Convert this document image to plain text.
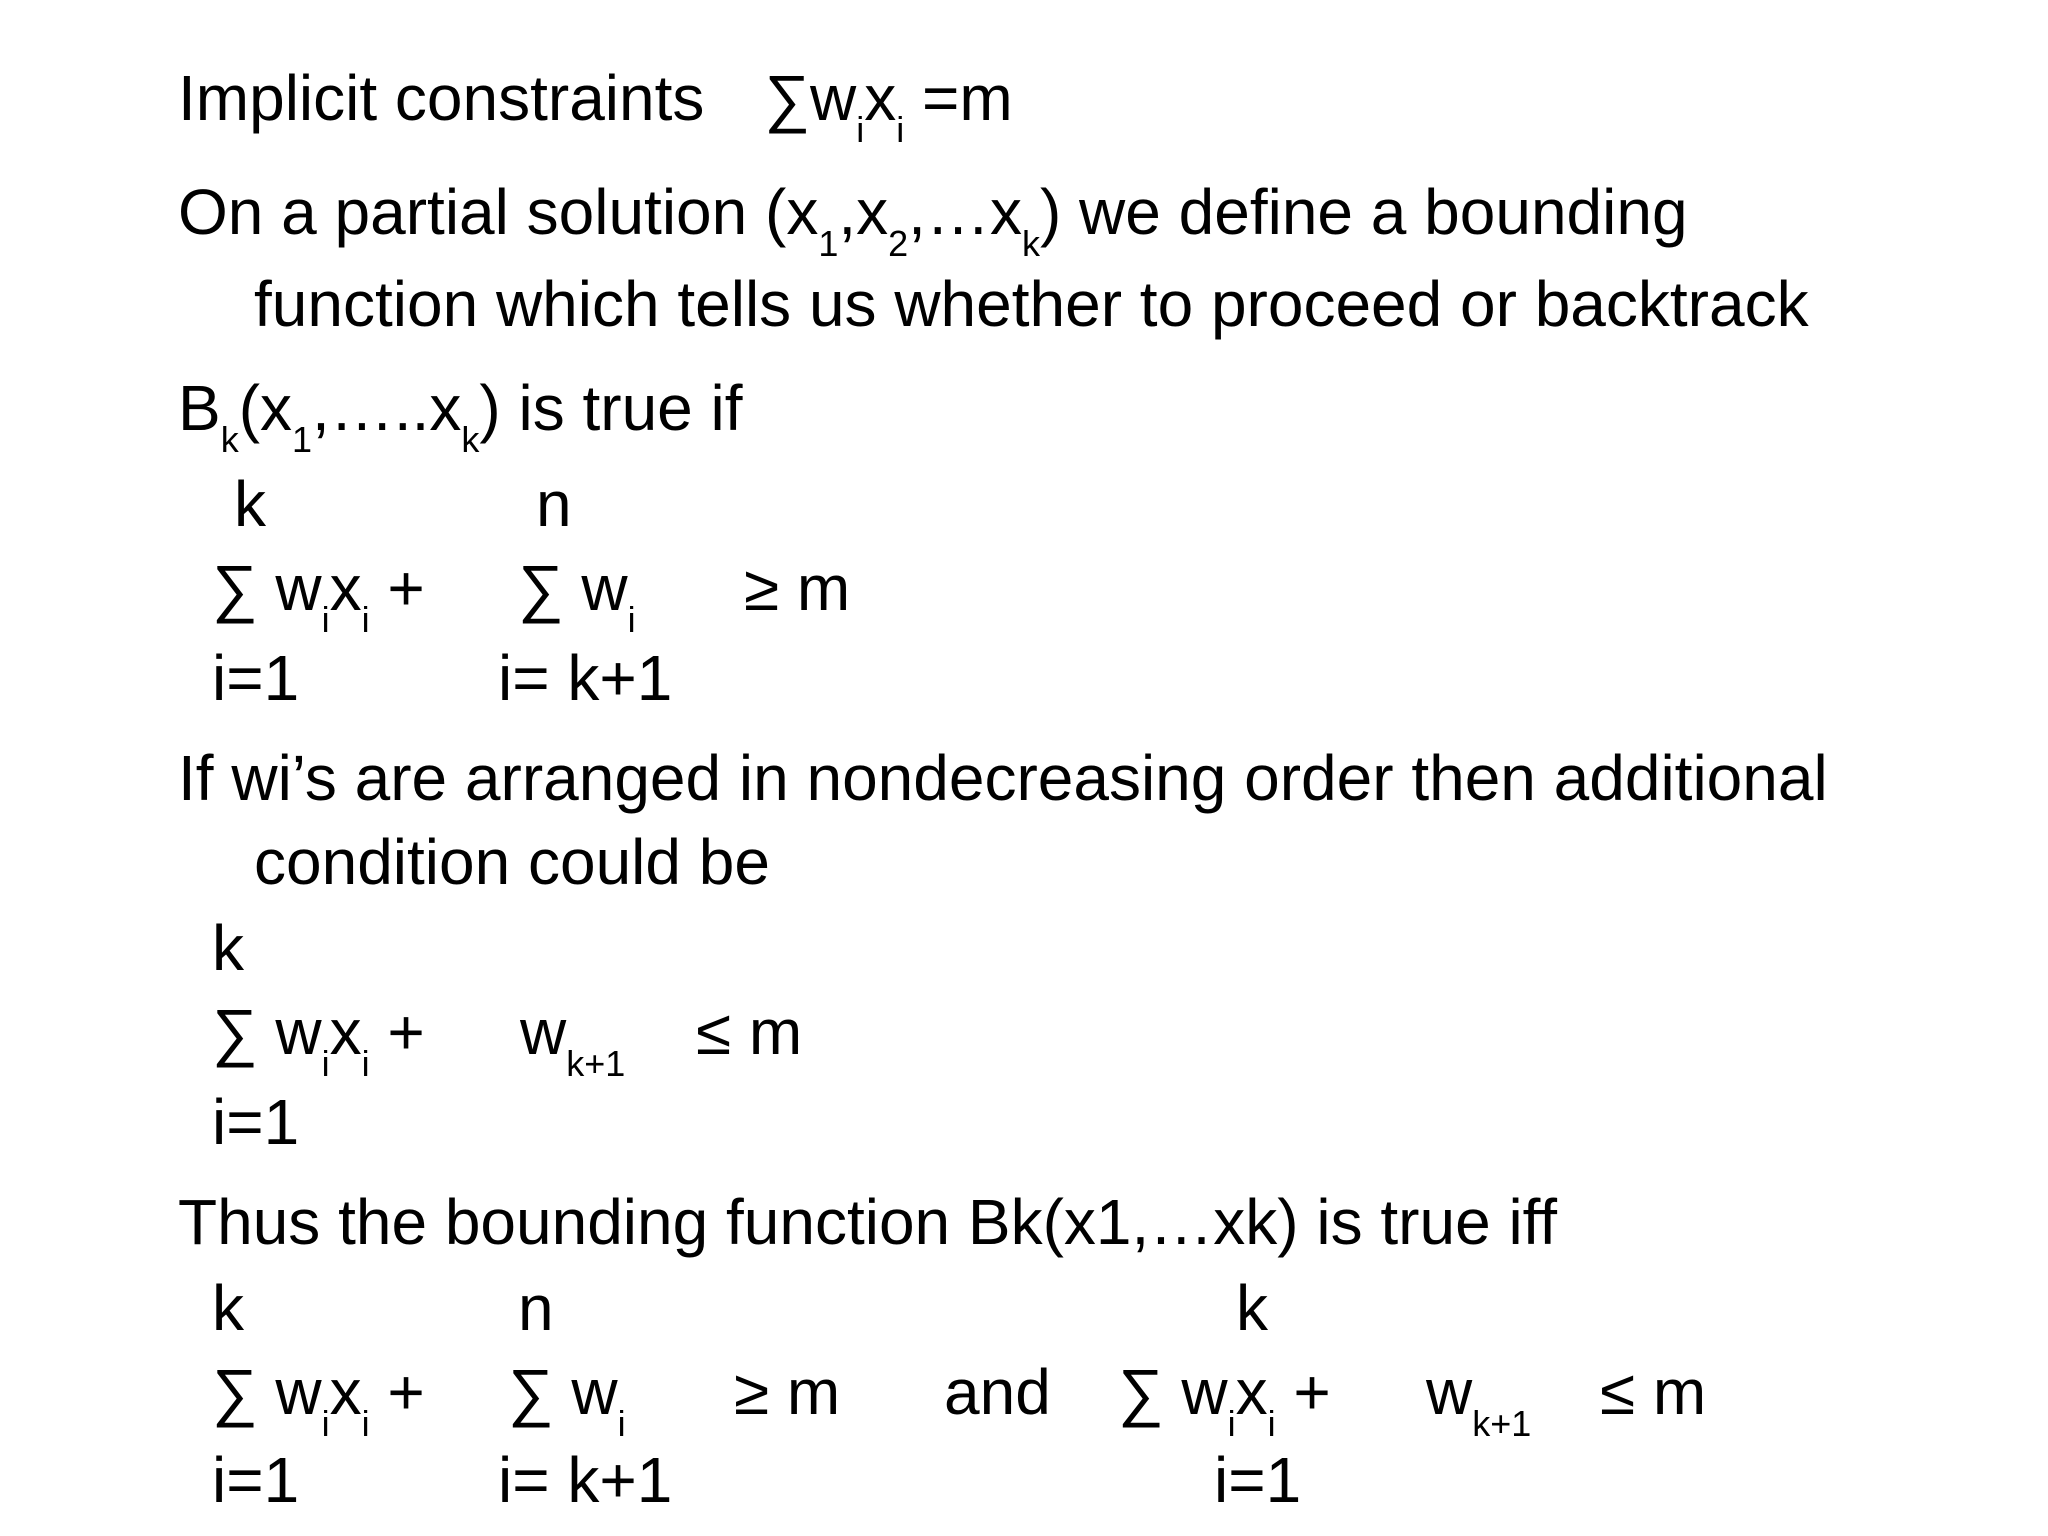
Implicit constraints $\sum w_ix_i =m$
On a partial solution $(x_1,x_2,\dots x_k)$ we define a bounding
function which tells us whether to proceed or backtrack
$B_k(x_1,\dots..x_k)$ is true if
k	n
∑ $w_ix_i$ + ∑ $w_i \ge m$
i=1	i= k+1
If wi’s are arranged in nondecreasing order then additional
condition could be
k
∑ $w_ix_i + w_{k+1} \le m$
i=1
Thus the bounding function Bk(x1,…xk) is true iff
k	n	k
∑ $w_ix_i$ + ∑ $w_i \ge m$ and ∑ $w_ix_i + w_{k+1} \le m$
i=1	i= k+1	i=1
